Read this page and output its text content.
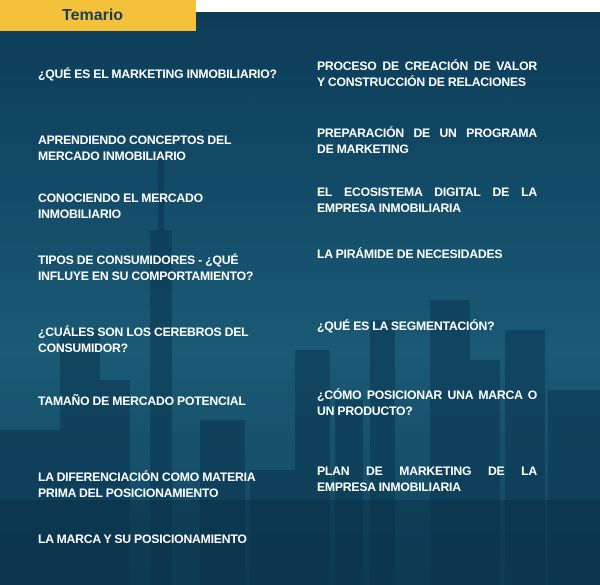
Temario
¿QUÉ ES EL MARKETING INMOBILIARIO?
APRENDIENDO CONCEPTOS DEL MERCADO INMOBILIARIO
CONOCIENDO EL MERCADO INMOBILIARIO
TIPOS DE CONSUMIDORES - ¿QUÉ INFLUYE EN SU COMPORTAMIENTO?
¿CUÁLES SON LOS CEREBROS DEL CONSUMIDOR?
TAMAÑO DE MERCADO POTENCIAL
LA DIFERENCIACIÓN COMO MATERIA PRIMA DEL POSICIONAMIENTO
LA MARCA Y SU POSICIONAMIENTO
PROCESO DE CREACIÓN DE VALOR Y CONSTRUCCIÓN DE RELACIONES
PREPARACIÓN DE UN PROGRAMA DE MARKETING
EL ECOSISTEMA DIGITAL DE LA EMPRESA INMOBILIARIA
LA PIRÁMIDE DE NECESIDADES
¿QUÉ ES LA SEGMENTACIÓN?
¿CÓMO POSICIONAR UNA MARCA O UN PRODUCTO?
PLAN DE MARKETING DE LA EMPRESA INMOBILIARIA
